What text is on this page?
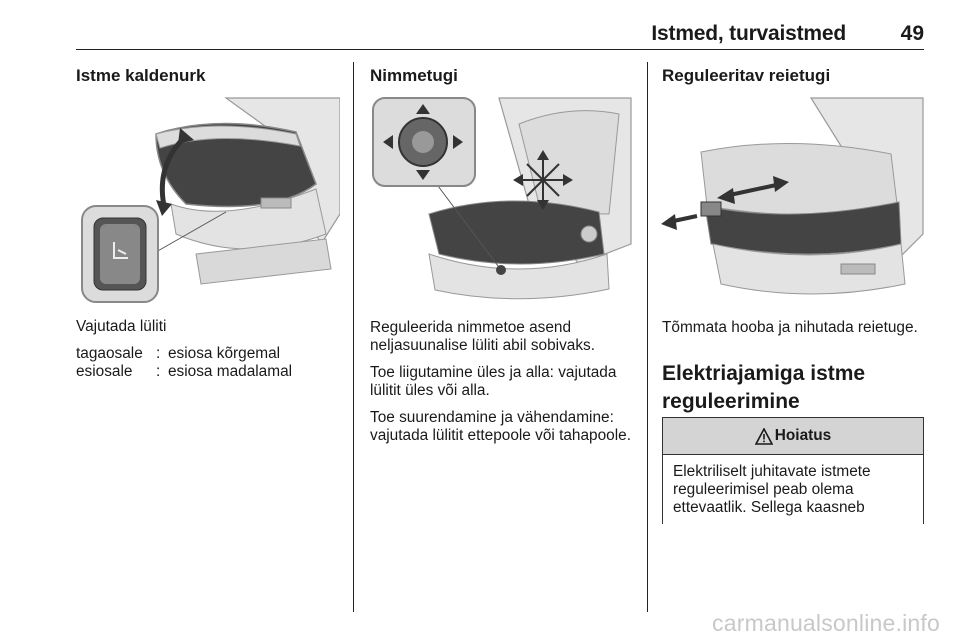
Istmed, turvaistmed	49
Istme kaldenurk
Vajutada lüliti
tagaosale	:	esiosa kõrgemal
esiosale	:	esiosa madalamal
Nimmetugi

Reguleerida nimmetoe asend neljasuunalise lüliti abil sobivaks.

Toe liigutamine üles ja alla: vajutada lülitit üles või alla.

Toe suurendamine ja vähendamine: vajutada lülitit ettepoole või tahapoole.

Reguleeritav reietugi
Tõmmata hooba ja nihutada reietuge.
Elektriajamiga istme reguleerimine
Hoiatus
Elektriliselt juhitavate istmete reguleerimisel peab olema ettevaatlik. Sellega kaasneb
carmanualsonline.info
